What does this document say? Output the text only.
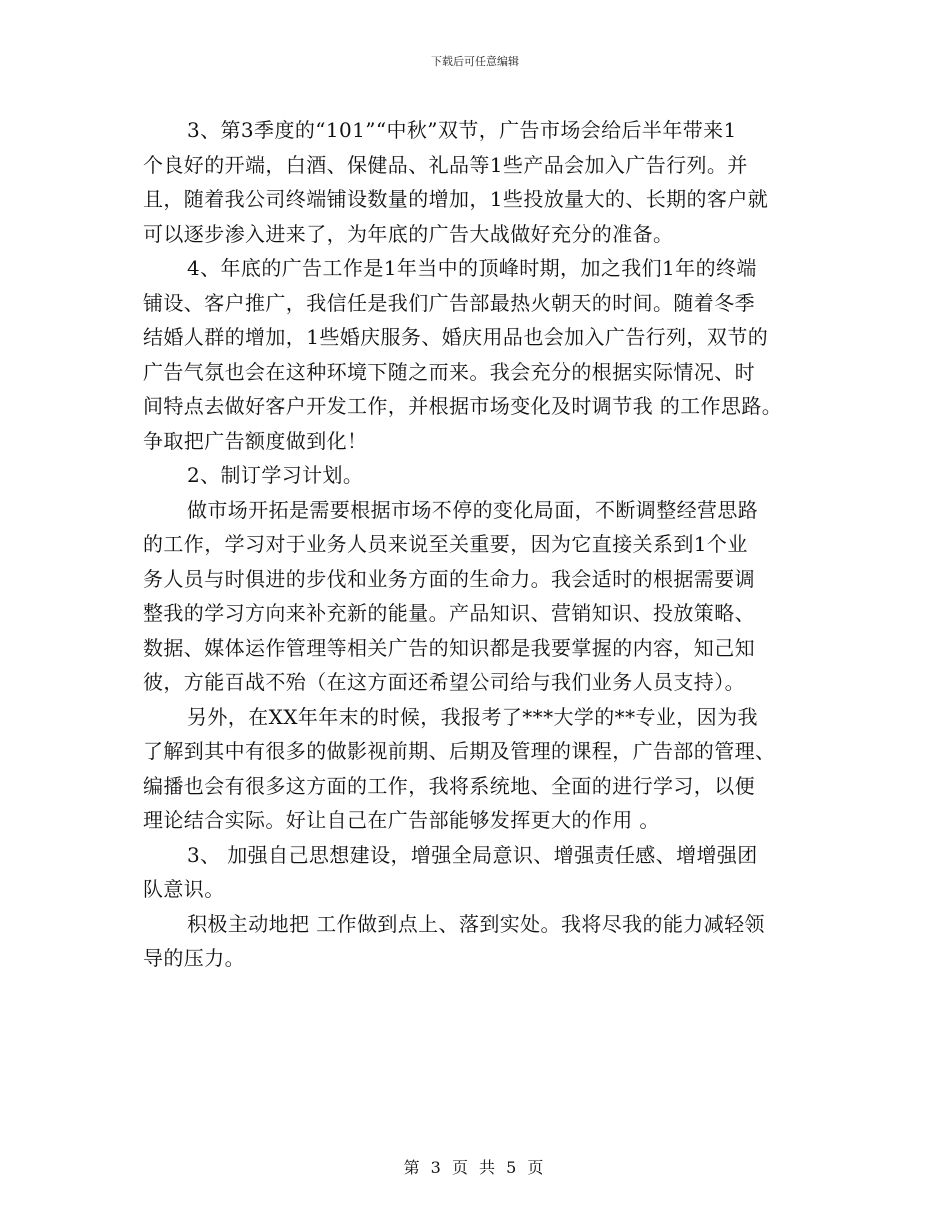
下载后可任意编辑

3、第3季度的“101”“中秋”双节，广告市场会给后半年带来1
个良好的开端，白酒、保健品、礼品等1些产品会加入广告行列。并
且，随着我公司终端铺设数量的增加，1些投放量大的、长期的客户就
可以逐步渗入进来了，为年底的广告大战做好充分的准备。

4、年底的广告工作是1年当中的顶峰时期，加之我们1年的终端
铺设、客户推广，我信任是我们广告部最热火朝天的时间。随着冬季
结婚人群的增加，1些婚庆服务、婚庆用品也会加入广告行列，双节的
广告气氛也会在这种环境下随之而来。我会充分的根据实际情况、时
间特点去做好客户开发工作，并根据市场变化及时调节我 的工作思路。
争取把广告额度做到化！

2、制订学习计划。

做市场开拓是需要根据市场不停的变化局面，不断调整经营思路
的工作，学习对于业务人员来说至关重要，因为它直接关系到1个业
务人员与时俱进的步伐和业务方面的生命力。我会适时的根据需要调
整我的学习方向来补充新的能量。产品知识、营销知识、投放策略、
数据、媒体运作管理等相关广告的知识都是我要掌握的内容，知己知
彼，方能百战不殆（在这方面还希望公司给与我们业务人员支持）。

另外，在XX年年末的时候，我报考了***大学的**专业，因为我
了解到其中有很多的做影视前期、后期及管理的课程，广告部的管理、
编播也会有很多这方面的工作，我将系统地、全面的进行学习，以便
理论结合实际。好让自己在广告部能够发挥更大的作用 。

3、 加强自己思想建设，增强全局意识、增强责任感、增增强团
队意识。

积极主动地把 工作做到点上、落到实处。我将尽我的能力减轻领
导的压力。

第 3 页 共 5 页
